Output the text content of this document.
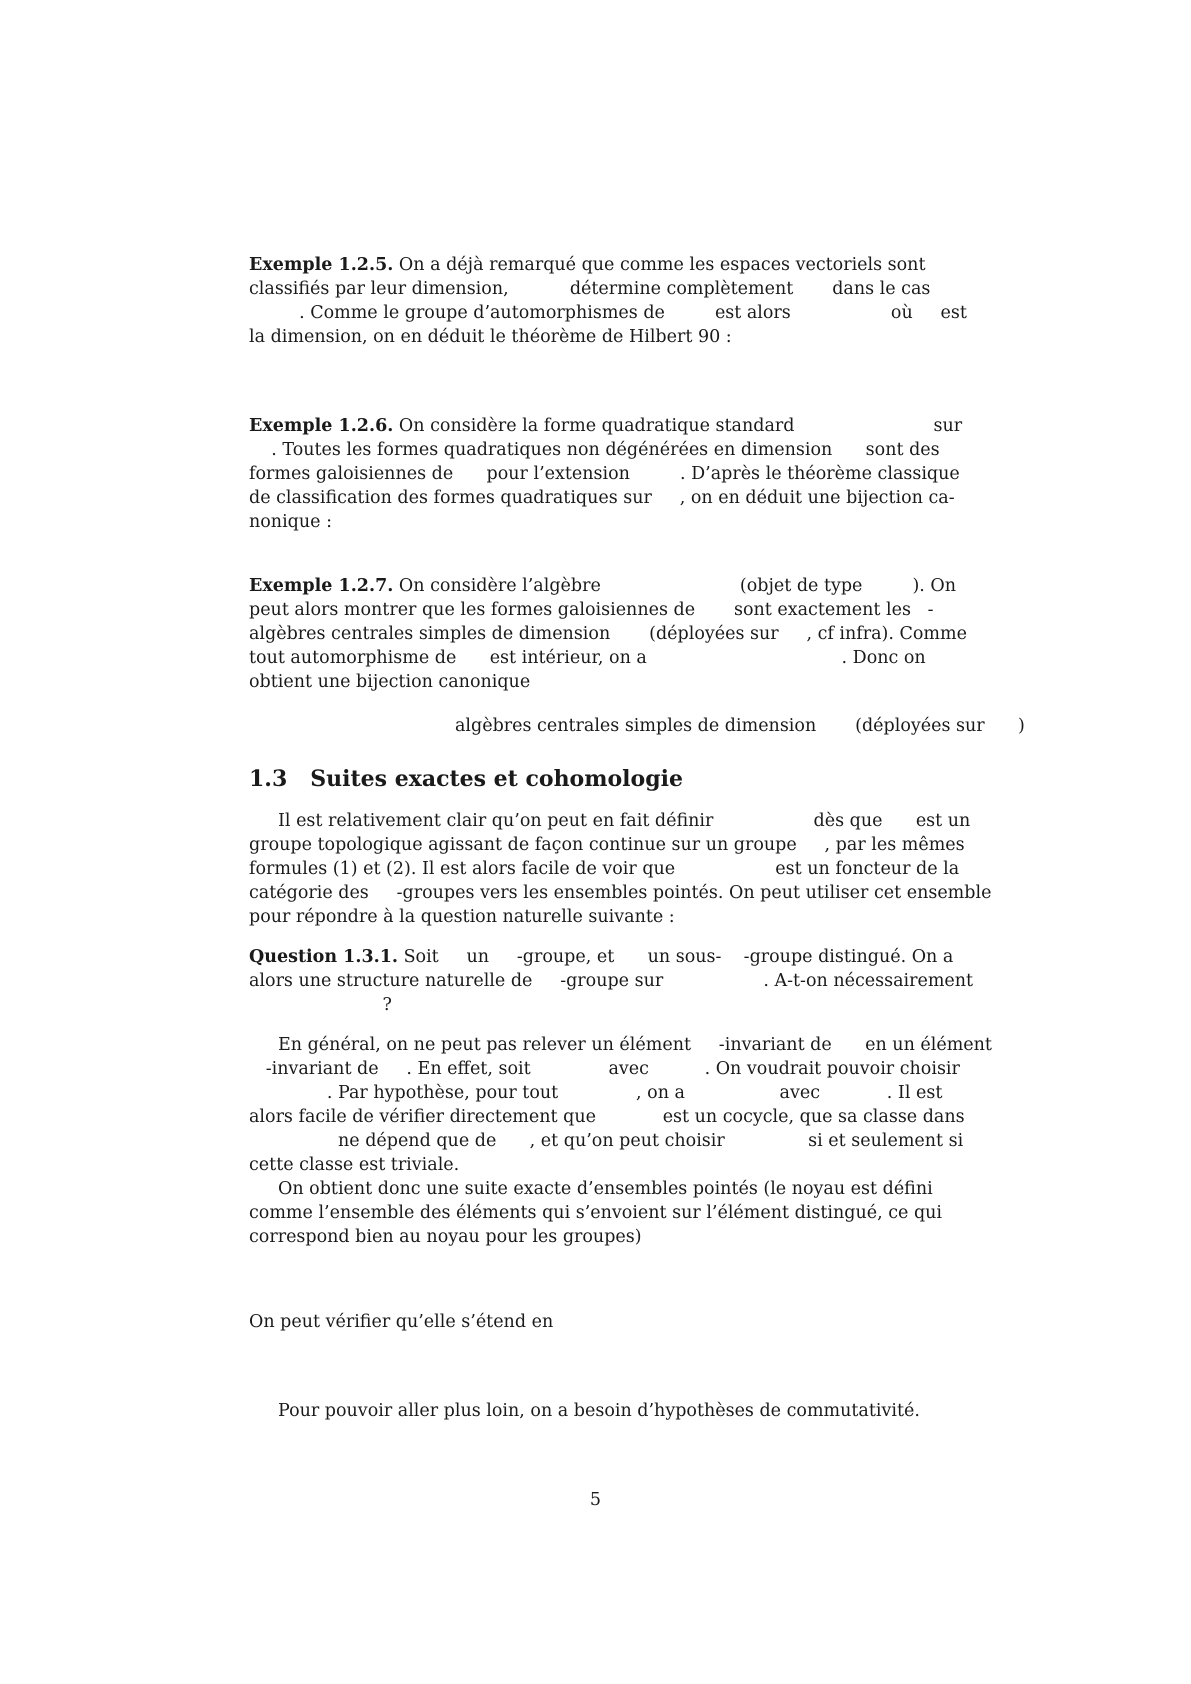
Exemple 1.2.5. On a déjà remarqué que comme les espaces vectoriels sont
classifiés par leur dimension,           détermine complètement       dans le cas
. Comme le groupe d’automorphismes de         est alors                  où     est
la dimension, on en déduit le théorème de Hilbert 90 :
Exemple 1.2.6. On considère la forme quadratique standard                         sur
. Toutes les formes quadratiques non dégénérées en dimension      sont des
formes galoisiennes de      pour l’extension         . D’après le théorème classique
de classification des formes quadratiques sur     , on en déduit une bijection ca-
nonique :
Exemple 1.2.7. On considère l’algèbre                         (objet de type         ). On
peut alors montrer que les formes galoisiennes de       sont exactement les   -
algèbres centrales simples de dimension       (déployées sur     , cf infra). Comme
tout automorphisme de      est intérieur, on a                                   . Donc on
obtient une bijection canonique
algèbres centrales simples de dimension       (déployées sur      )
1.3 Suites exactes et cohomologie
Il est relativement clair qu’on peut en fait définir                  dès que      est un
groupe topologique agissant de façon continue sur un groupe     , par les mêmes
formules (1) et (2). Il est alors facile de voir que                  est un foncteur de la
catégorie des     -groupes vers les ensembles pointés. On peut utiliser cet ensemble
pour répondre à la question naturelle suivante :
Question 1.3.1. Soit     un     -groupe, et      un sous-    -groupe distingué. On a
alors une structure naturelle de     -groupe sur                  . A-t-on nécessairement
?
En général, on ne peut pas relever un élément     -invariant de      en un élément
-invariant de     . En effet, soit              avec          . On voudrait pouvoir choisir
. Par hypothèse, pour tout              , on a                 avec            . Il est
alors facile de vérifier directement que            est un cocycle, que sa classe dans
ne dépend que de      , et qu’on peut choisir               si et seulement si
cette classe est triviale.
On obtient donc une suite exacte d’ensembles pointés (le noyau est défini
comme l’ensemble des éléments qui s’envoient sur l’élément distingué, ce qui
correspond bien au noyau pour les groupes)
On peut vérifier qu’elle s’étend en
Pour pouvoir aller plus loin, on a besoin d’hypothèses de commutativité.
5
